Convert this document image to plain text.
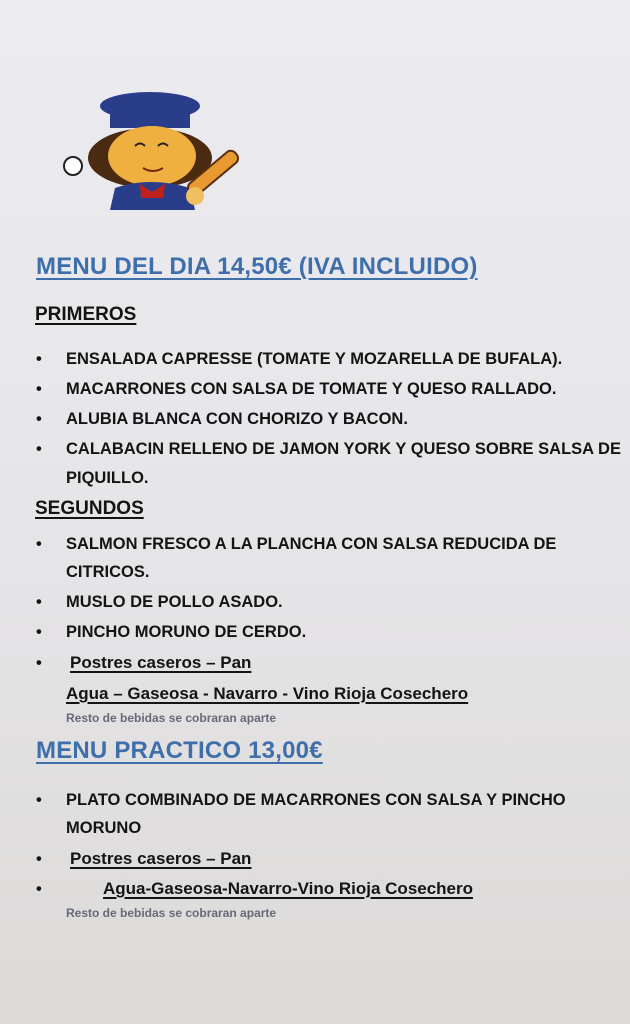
MENU DEL DIA 14,50€ (IVA INCLUIDO)
PRIMEROS
• ENSALADA CAPRESSE (TOMATE Y MOZARELLA DE BUFALA).
• MACARRONES CON SALSA DE TOMATE Y QUESO RALLADO.
• ALUBIA BLANCA CON CHORIZO Y BACON.
• CALABACIN RELLENO DE JAMON YORK Y QUESO SOBRE SALSA DE
PIQUILLO.
SEGUNDOS
• SALMON FRESCO A LA PLANCHA CON SALSA REDUCIDA DE
CITRICOS.
• MUSLO DE POLLO ASADO.
• PINCHO MORUNO DE CERDO.
• Postres caseros – Pan
Agua – Gaseosa - Navarro - Vino Rioja Cosechero
Resto de bebidas se cobraran aparte
MENU PRACTICO 13,00€
• PLATO COMBINADO DE MACARRONES CON SALSA Y PINCHO
MORUNO
• Postres caseros – Pan
•	Agua-Gaseosa-Navarro-Vino Rioja Cosechero
Resto de bebidas se cobraran aparte
